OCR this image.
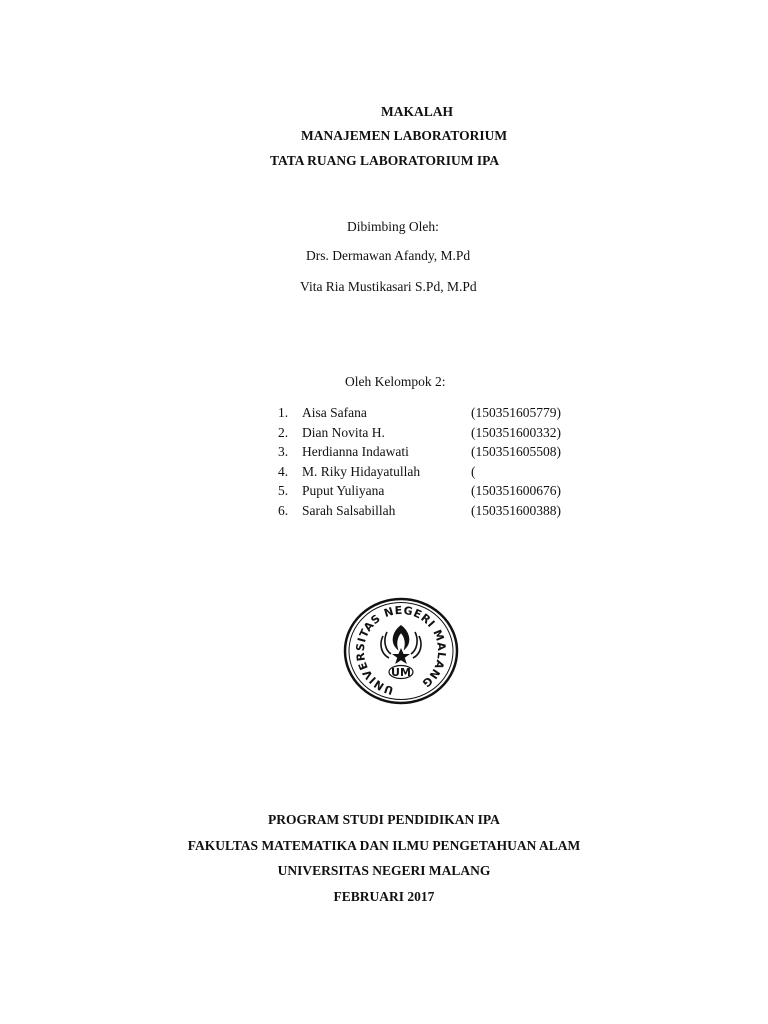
MAKALAH
MANAJEMEN LABORATORIUM
TATA RUANG LABORATORIUM IPA
Dibimbing Oleh:
Drs. Dermawan Afandy, M.Pd
Vita Ria Mustikasari S.Pd, M.Pd
Oleh Kelompok 2:
1.	Aisa Safana	(150351605779)
2.	Dian Novita H.	(150351600332)
3.	Herdianna Indawati	(150351605508)
4.	M. Riky Hidayatullah	(
5.	Puput Yuliyana	(150351600676)
6.	Sarah Salsabillah	(150351600388)
UNIVERSITAS NEGERI MALANG
UM
PROGRAM STUDI PENDIDIKAN IPA
FAKULTAS MATEMATIKA DAN ILMU PENGETAHUAN ALAM
UNIVERSITAS NEGERI MALANG
FEBRUARI 2017
